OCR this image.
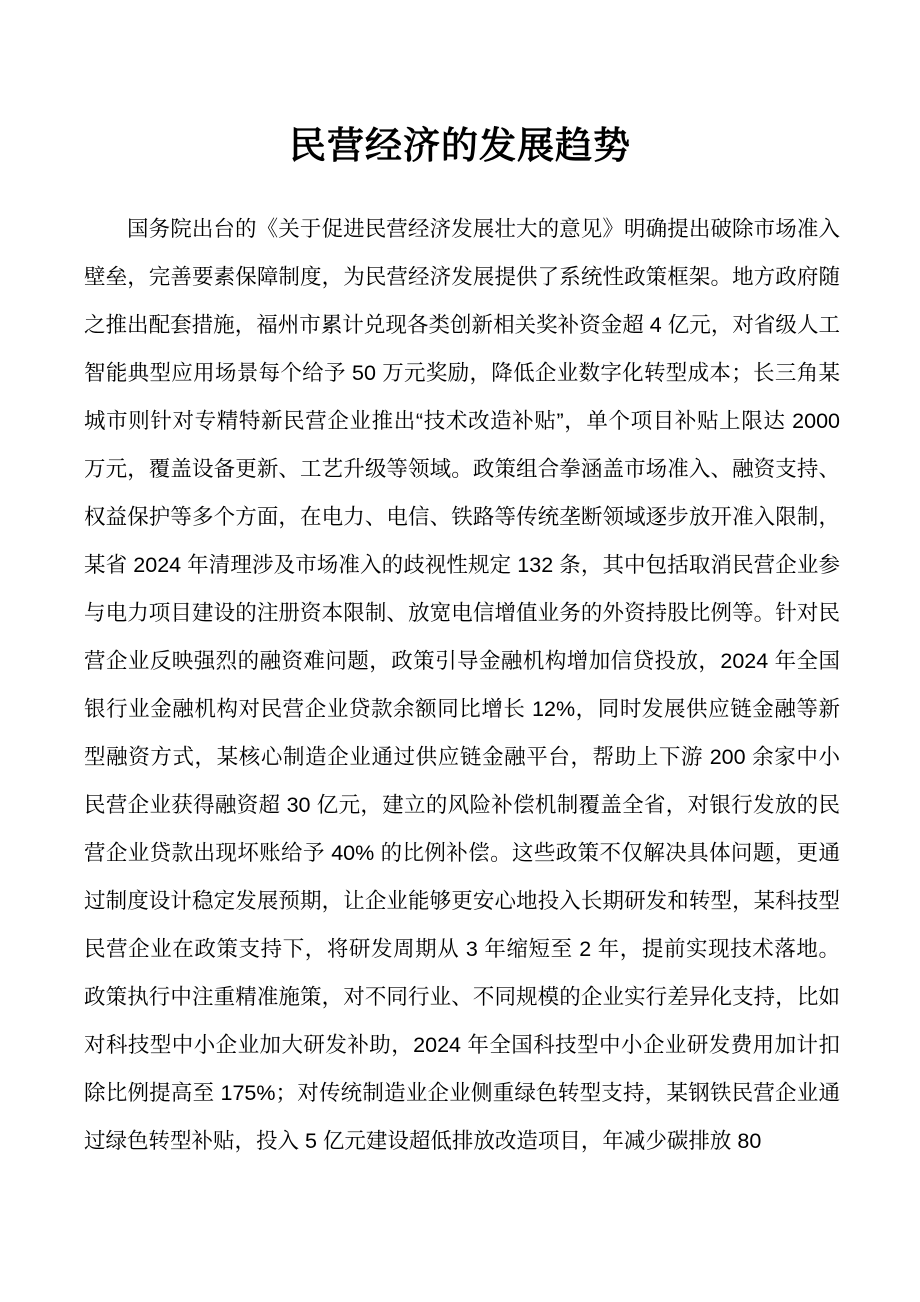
民营经济的发展趋势

国务院出台的《关于促进民营经济发展壮大的意见》明确提出破除市场准入壁垒，完善要素保障制度，为民营经济发展提供了系统性政策框架。地方政府随之推出配套措施，福州市累计兑现各类创新相关奖补资金超 4 亿元，对省级人工智能典型应用场景每个给予 50 万元奖励，降低企业数字化转型成本；长三角某城市则针对专精特新民营企业推出“技术改造补贴”，单个项目补贴上限达 2000 万元，覆盖设备更新、工艺升级等领域。政策组合拳涵盖市场准入、融资支持、权益保护等多个方面，在电力、电信、铁路等传统垄断领域逐步放开准入限制，某省 2024 年清理涉及市场准入的歧视性规定 132 条，其中包括取消民营企业参与电力项目建设的注册资本限制、放宽电信增值业务的外资持股比例等。针对民营企业反映强烈的融资难问题，政策引导金融机构增加信贷投放，2024 年全国银行业金融机构对民营企业贷款余额同比增长 12%，同时发展供应链金融等新型融资方式，某核心制造企业通过供应链金融平台，帮助上下游 200 余家中小民营企业获得融资超 30 亿元，建立的风险补偿机制覆盖全省，对银行发放的民营企业贷款出现坏账给予 40% 的比例补偿。这些政策不仅解决具体问题，更通过制度设计稳定发展预期，让企业能够更安心地投入长期研发和转型，某科技型民营企业在政策支持下，将研发周期从 3 年缩短至 2 年，提前实现技术落地。政策执行中注重精准施策，对不同行业、不同规模的企业实行差异化支持，比如对科技型中小企业加大研发补助，2024 年全国科技型中小企业研发费用加计扣除比例提高至 175%；对传统制造业企业侧重绿色转型支持，某钢铁民营企业通过绿色转型补贴，投入 5 亿元建设超低排放改造项目，年减少碳排放 80
